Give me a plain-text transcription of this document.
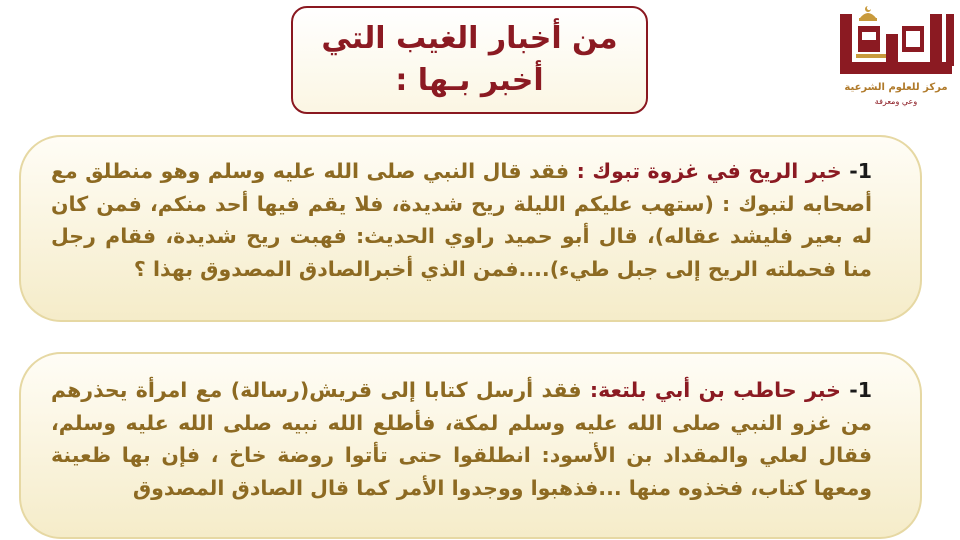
من أخبار الغيب التي
أخبر بـها :	مركز للعلوم الشرعية
وعي ومعرفة
1- خبر الريح في غزوة تبوك : فقد قال النبي صلى الله عليه وسلم وهو منطلق مع أصحابه لتبوك : (ستهب عليكم الليلة ريح شديدة، فلا يقم فيها أحد منكم، فمن كان له بعير فليشد عقاله)، قال أبو حميد راوي الحديث: فهبت ريح شديدة، فقام رجل منا فحملته الريح إلى جبل طيء)....فمن الذي أخبرالصادق المصدوق بهذا ؟
1- خبر حاطب بن أبي بلتعة: فقد أرسل كتابا إلى قريش(رسالة) مع امرأة يحذرهم من غزو النبي صلى الله عليه وسلم لمكة، فأطلع الله نبيه صلى الله عليه وسلم، فقال لعلي والمقداد بن الأسود: انطلقوا حتى تأتوا روضة خاخ ، فإن بها ظعينة ومعها كتاب، فخذوه منها ...فذهبوا ووجدوا الأمر كما قال الصادق المصدوق
